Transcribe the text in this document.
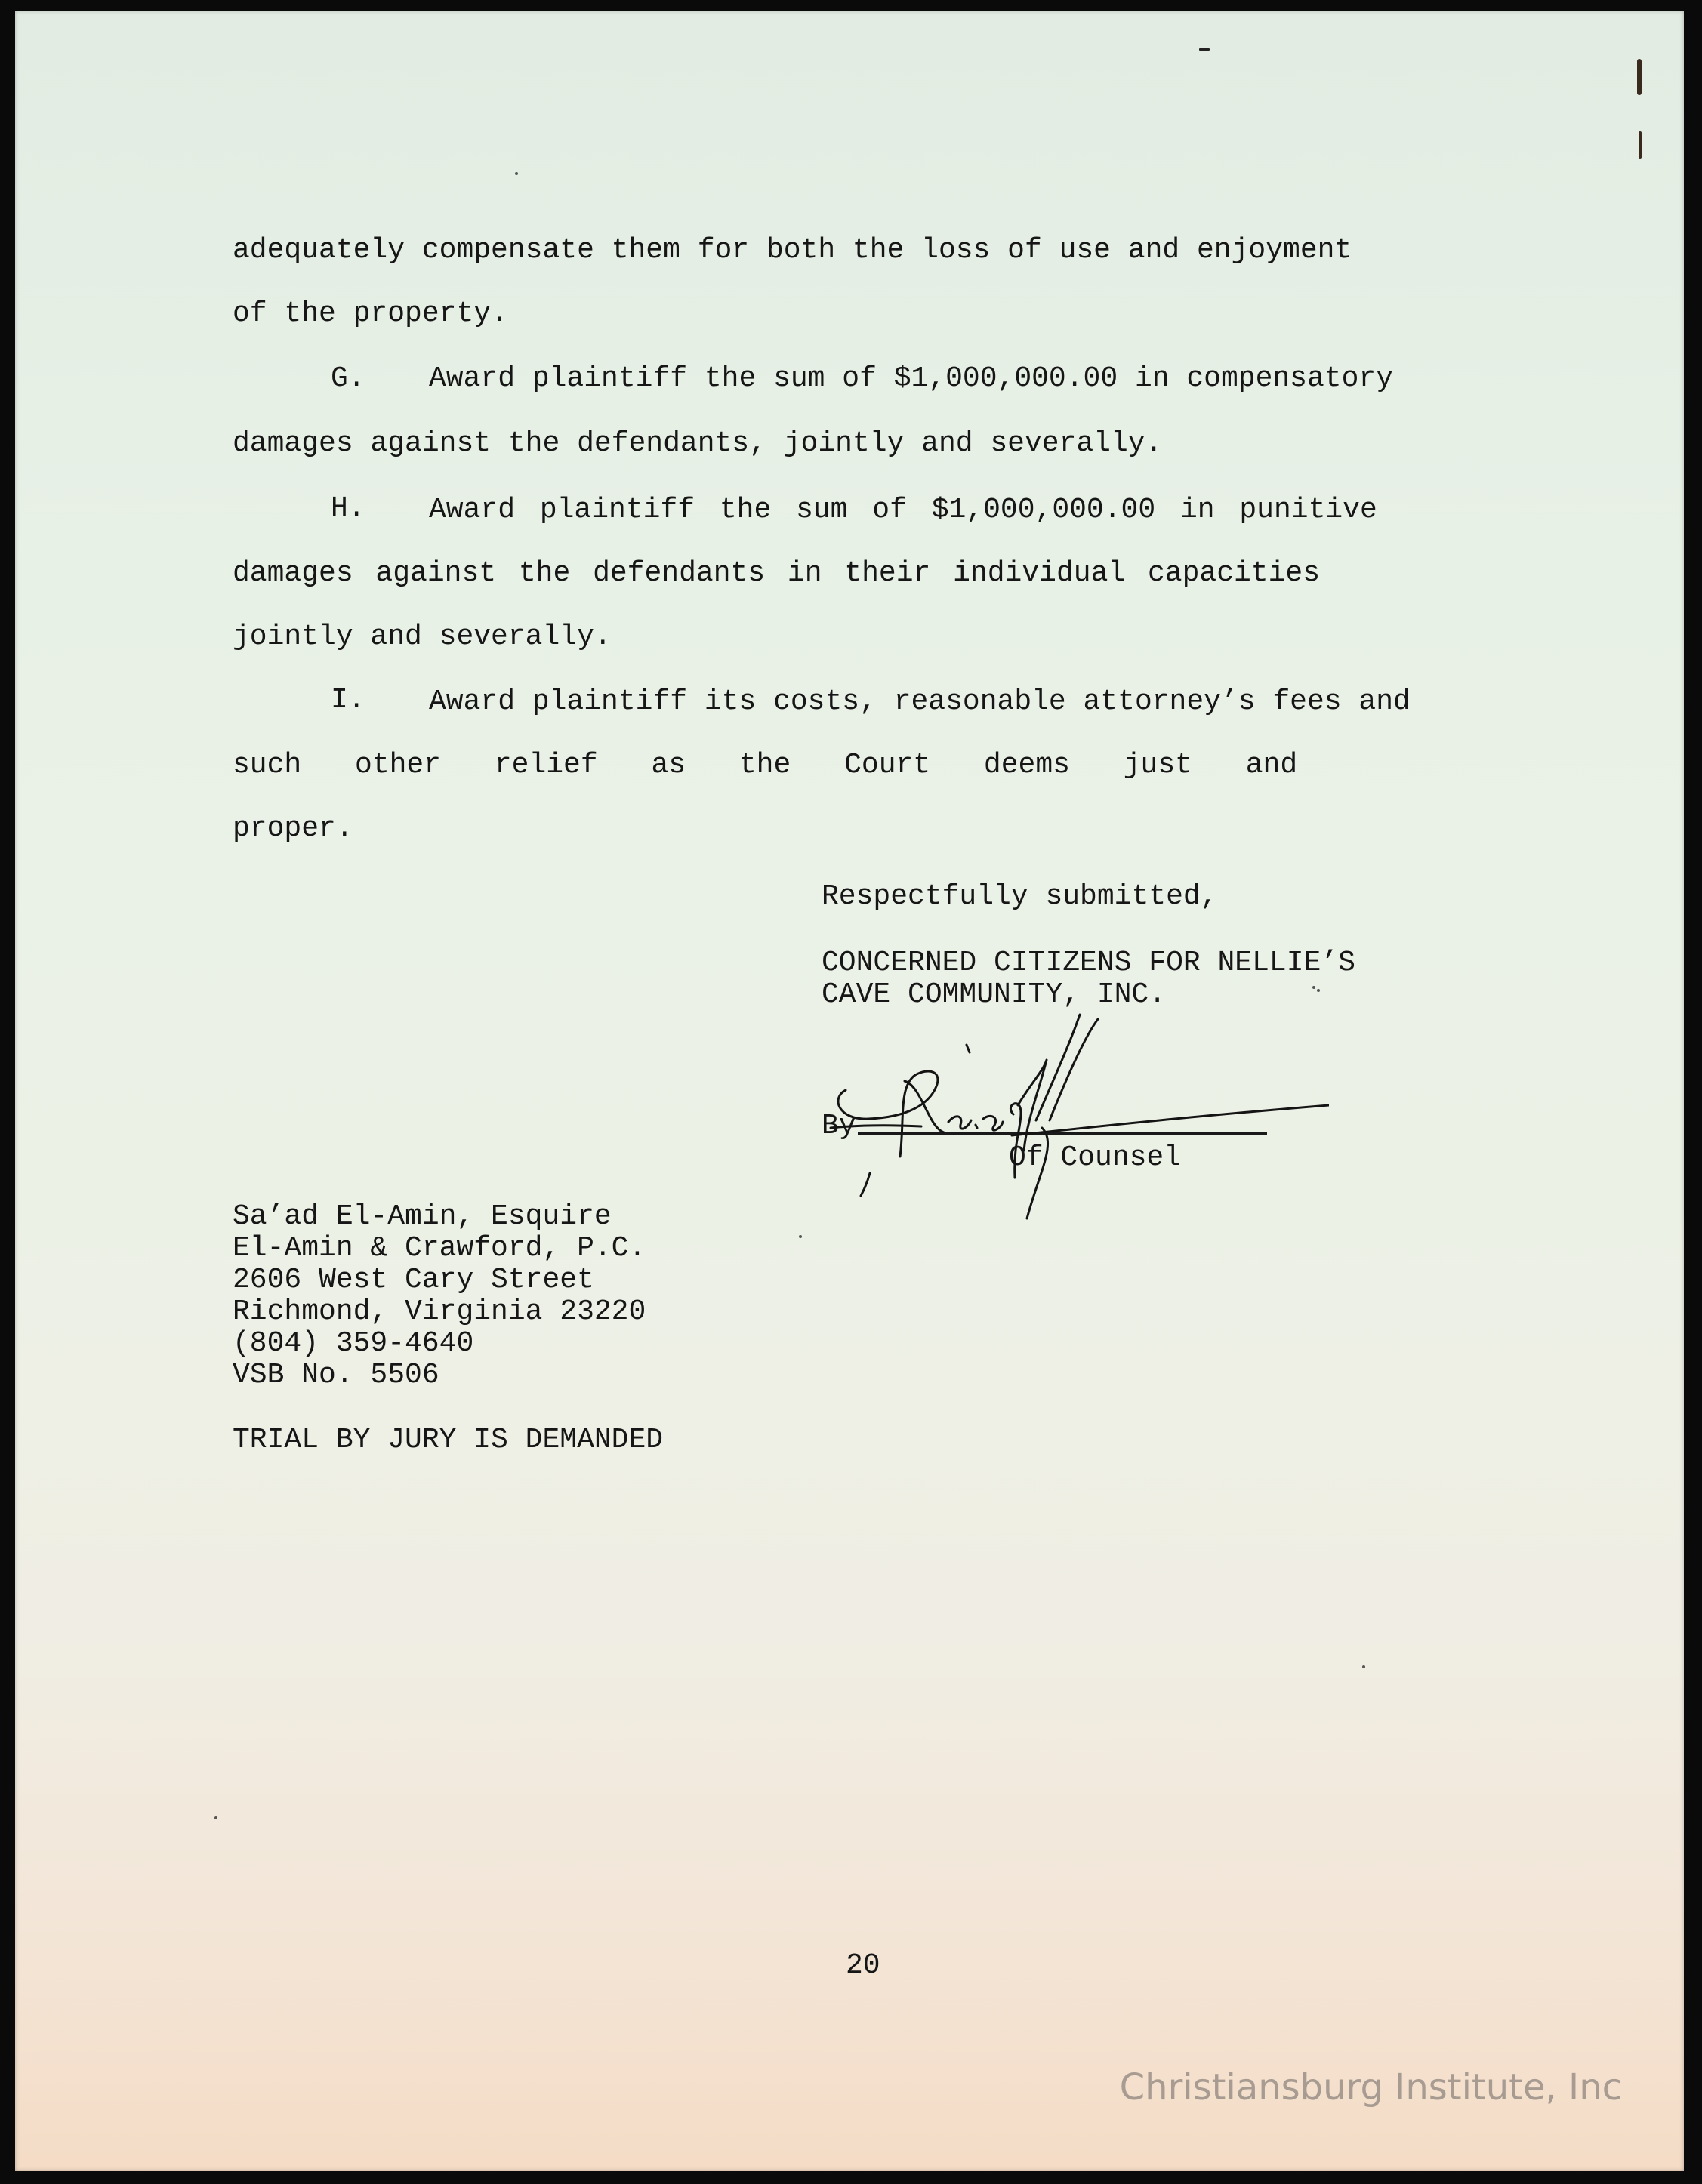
adequately compensate them for both the loss of use and enjoyment
of the property.
G. Award plaintiff the sum of $1,000,000.00 in compensatory
damages against the defendants, jointly and severally.
H. Award plaintiff the sum of $1,000,000.00 in punitive
damages against the defendants in their individual capacities
jointly and severally.
I. Award plaintiff its costs, reasonable attorney’s fees and
such other relief as the Court deems just and
proper.
Respectfully submitted,
CONCERNED CITIZENS FOR NELLIE’S
CAVE COMMUNITY, INC.
By
Of Counsel
Sa’ad El-Amin, Esquire
El-Amin & Crawford, P.C.
2606 West Cary Street
Richmond, Virginia 23220
(804) 359-4640
VSB No. 5506
TRIAL BY JURY IS DEMANDED
20
Christiansburg Institute, Inc
